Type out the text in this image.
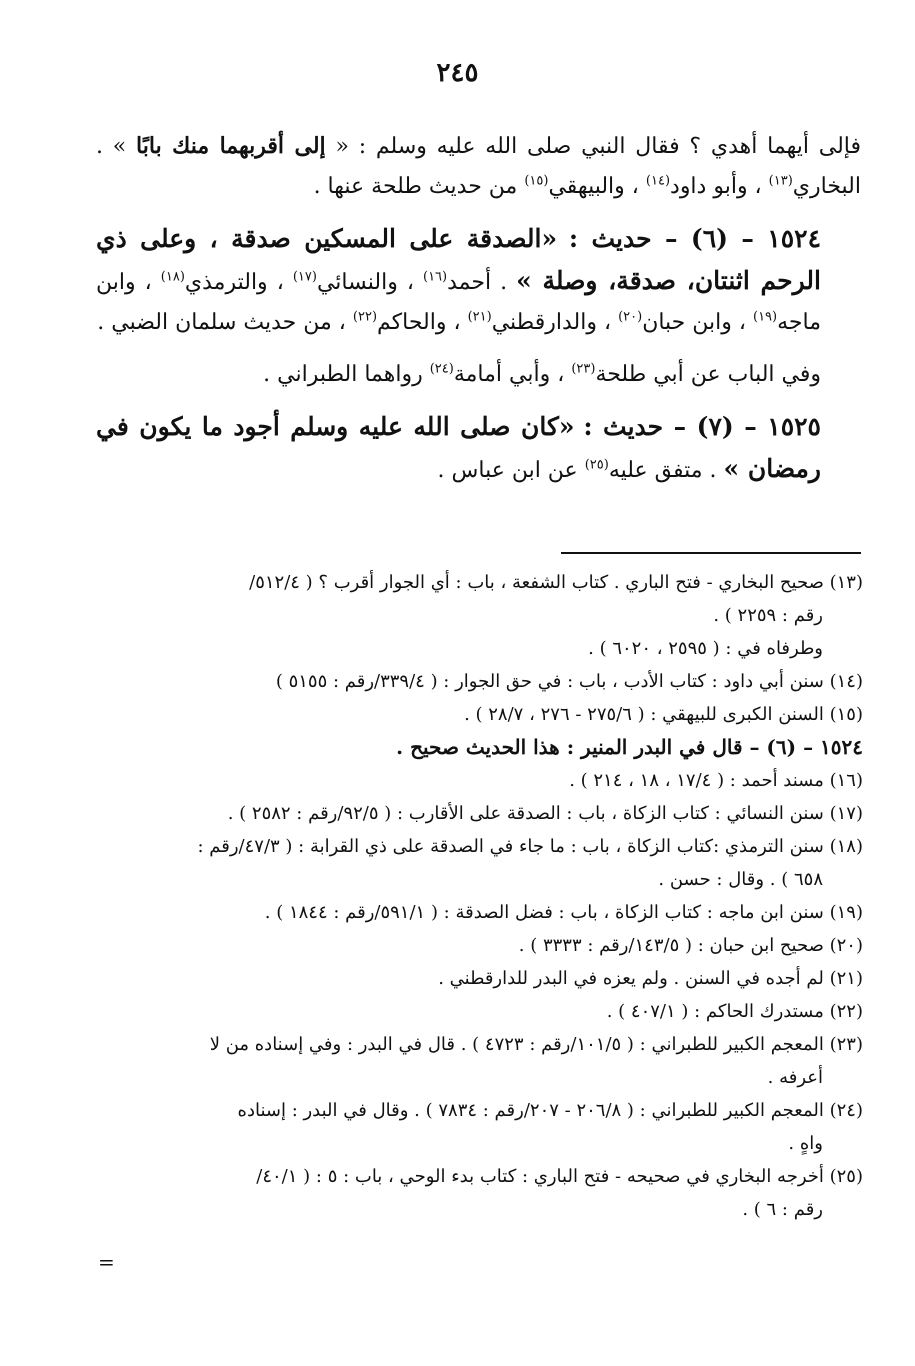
٢٤٥

فإلى أيهما أهدي ؟ فقال النبي صلى الله عليه وسلم : « إلى أقربهما منك بابًا » . البخاري$^{(١٣)}$ ، وأبو داود$^{(١٤)}$ ، والبيهقي$^{(١٥)}$ من حديث طلحة عنها .

١٥٢٤ – (٦) – حديث : «الصدقة على المسكين صدقة ، وعلى ذي الرحم اثنتان، صدقة، وصلة » . أحمد$^{(١٦)}$ ، والنسائي$^{(١٧)}$ ، والترمذي$^{(١٨)}$ ، وابن ماجه$^{(١٩)}$ ، وابن حبان$^{(٢٠)}$ ، والدارقطني$^{(٢١)}$ ، والحاكم$^{(٢٢)}$ ، من حديث سلمان الضبي .

وفي الباب عن أبي طلحة$^{(٢٣)}$ ، وأبي أمامة$^{(٢٤)}$ رواهما الطبراني .

١٥٢٥ – (٧) – حديث : «كان صلى الله عليه وسلم أجود ما يكون في رمضان » . متفق عليه$^{(٢٥)}$ عن ابن عباس .

(١٣) صحيح البخاري - فتح الباري . كتاب الشفعة ، باب : أي الجوار أقرب ؟ ( ٥١٢/٤/

رقم : ٢٢٥٩ ) .

وطرفاه في : ( ٢٥٩٥ ، ٦٠٢٠ ) .

(١٤) سنن أبي داود : كتاب الأدب ، باب : في حق الجوار : ( ٣٣٩/٤/رقم : ٥١٥٥ )

(١٥) السنن الكبرى للبيهقي : ( ٢٧٥/٦ - ٢٧٦ ، ٢٨/٧ ) .

١٥٢٤ – (٦) – قال في البدر المنير : هذا الحديث صحيح .

(١٦) مسند أحمد : ( ١٧/٤ ، ١٨ ، ٢١٤ ) .

(١٧) سنن النسائي : كتاب الزكاة ، باب : الصدقة على الأقارب : ( ٩٢/٥/رقم : ٢٥٨٢ ) .

(١٨) سنن الترمذي :كتاب الزكاة ، باب : ما جاء في الصدقة على ذي القرابة : ( ٤٧/٣/رقم :

٦٥٨ ) . وقال : حسن .

(١٩) سنن ابن ماجه : كتاب الزكاة ، باب : فضل الصدقة : ( ٥٩١/١/رقم : ١٨٤٤ ) .

(٢٠) صحيح ابن حبان : ( ١٤٣/٥/رقم : ٣٣٣٣ ) .

(٢١) لم أجده في السنن . ولم يعزه في البدر للدارقطني .

(٢٢) مستدرك الحاكم : ( ٤٠٧/١ ) .

(٢٣) المعجم الكبير للطبراني : ( ١٠١/٥/رقم : ٤٧٢٣ ) . قال في البدر : وفي إسناده من لا

أعرفه .

(٢٤) المعجم الكبير للطبراني : ( ٢٠٦/٨ - ٢٠٧/رقم : ٧٨٣٤ ) . وقال في البدر : إسناده

واهٍ .

(٢٥) أخرجه البخاري في صحيحه - فتح الباري : كتاب بدء الوحي ، باب : ٥ : ( ٤٠/١/

رقم : ٦ ) .

=
